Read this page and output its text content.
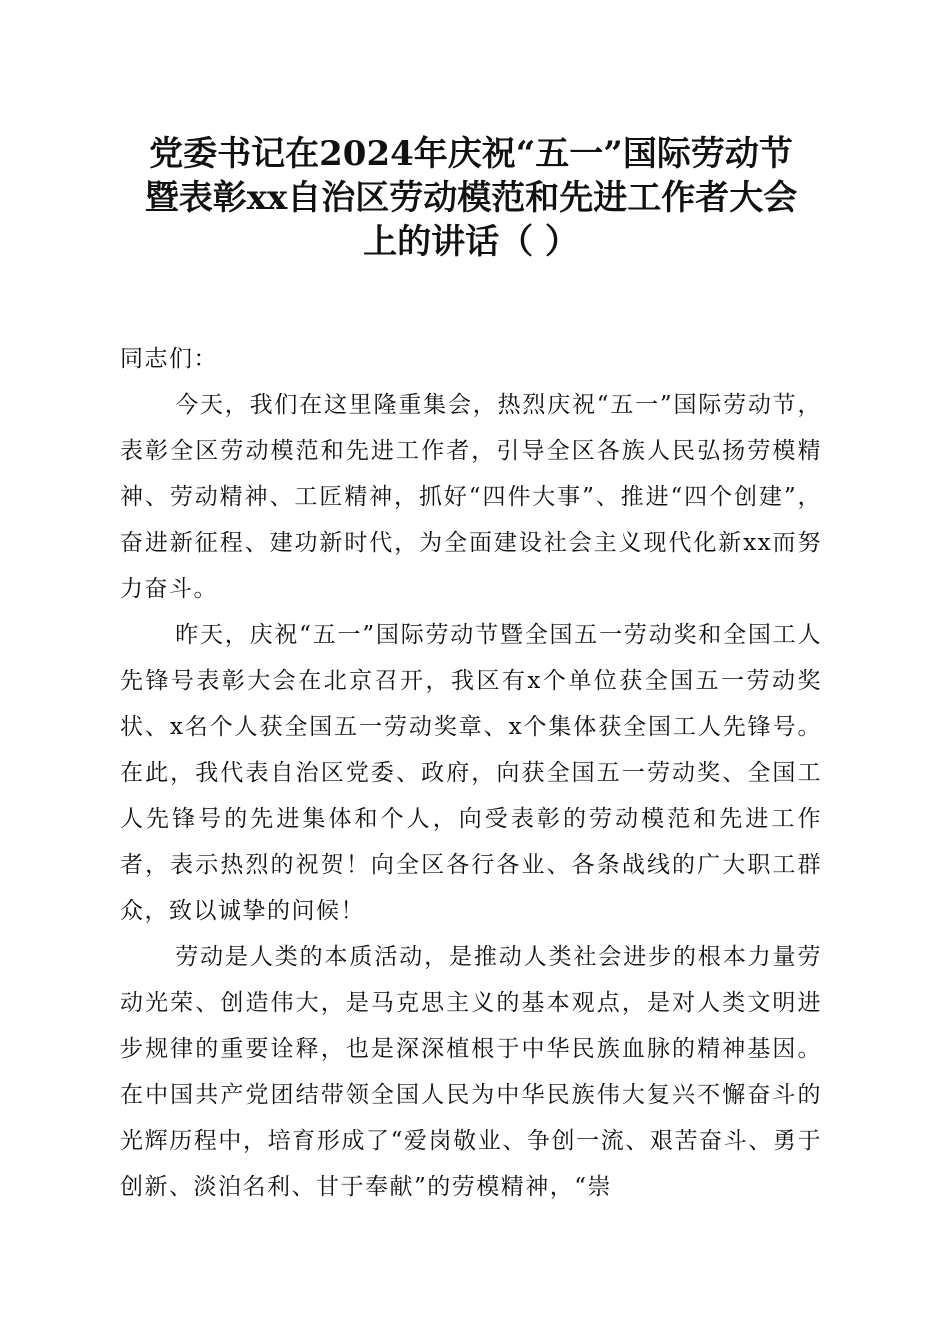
党委书记在2024年庆祝“五一”国际劳动节
暨表彰xx自治区劳动模范和先进工作者大会
上的讲话（ ）

同志们：

今天，我们在这里隆重集会，热烈庆祝“五一”国际劳动节，表彰全区劳动模范和先进工作者，引导全区各族人民弘扬劳模精神、劳动精神、工匠精神，抓好“四件大事”、推进“四个创建”，奋进新征程、建功新时代，为全面建设社会主义现代化新xx而努力奋斗。

昨天，庆祝“五一”国际劳动节暨全国五一劳动奖和全国工人先锋号表彰大会在北京召开，我区有x个单位获全国五一劳动奖状、x名个人获全国五一劳动奖章、x个集体获全国工人先锋号。在此，我代表自治区党委、政府，向获全国五一劳动奖、全国工人先锋号的先进集体和个人，向受表彰的劳动模范和先进工作者，表示热烈的祝贺！向全区各行各业、各条战线的广大职工群众，致以诚挚的问候！

劳动是人类的本质活动，是推动人类社会进步的根本力量劳动光荣、创造伟大，是马克思主义的基本观点，是对人类文明进步规律的重要诠释，也是深深植根于中华民族血脉的精神基因。在中国共产党团结带领全国人民为中华民族伟大复兴不懈奋斗的光辉历程中，培育形成了“爱岗敬业、争创一流、艰苦奋斗、勇于创新、淡泊名利、甘于奉献”的劳模精神，“崇
